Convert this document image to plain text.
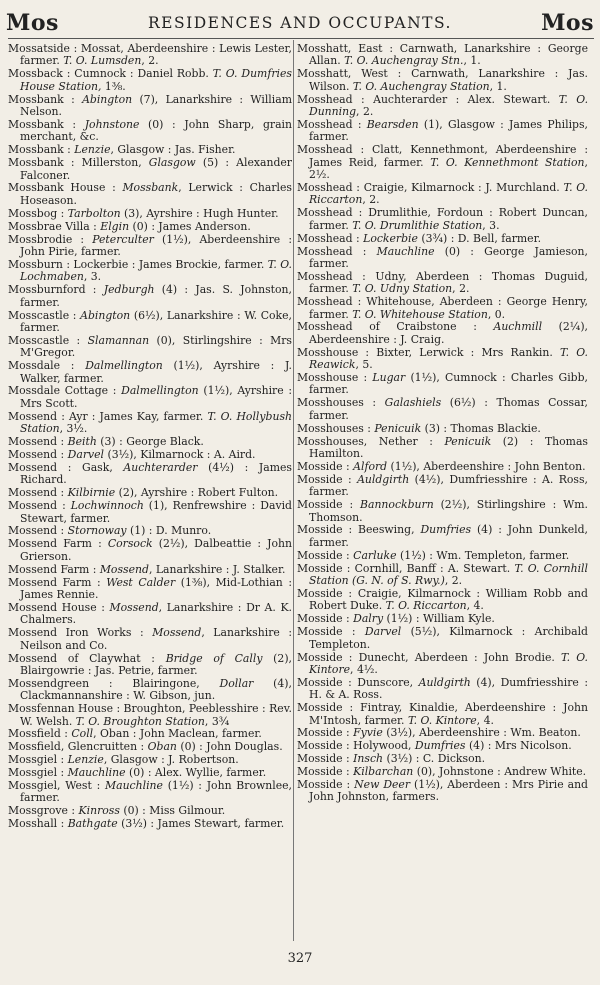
Mos	RESIDENCES AND OCCUPANTS.	Mos
Mossatside : Mossat, Aberdeenshire : Lewis Lester, farmer. T. O. Lumsden, 2.
Mossback : Cumnock : Daniel Robb. T. O. Dumfries House Station, 1⅜.
Mossbank : Abington (7), Lanarkshire : William Nelson.
Mossbank : Johnstone (0) : John Sharp, grain merchant, &c.
Mossbank : Lenzie, Glasgow : Jas. Fisher.
Mossbank : Millerston, Glasgow (5) : Alexander Falconer.
Mossbank House : Mossbank, Lerwick : Charles Hoseason.
Mossbog : Tarbolton (3), Ayrshire : Hugh Hunter.
Mossbrae Villa : Elgin (0) : James Anderson.
Mossbrodie : Peterculter (1½), Aberdeenshire : John Pirie, farmer.
Mossburn : Lockerbie : James Brockie, farmer. T. O. Lochmaben, 3.
Mossburnford : Jedburgh (4) : Jas. S. Johnston, farmer.
Mosscastle : Abington (6½), Lanarkshire : W. Coke, farmer.
Mosscastle : Slamannan (0), Stirlingshire : Mrs M'Gregor.
Mossdale : Dalmellington (1½), Ayrshire : J. Walker, farmer.
Mossdale Cottage : Dalmellington (1½), Ayrshire : Mrs Scott.
Mossend : Ayr : James Kay, farmer. T. O. Hollybush Station, 3½.
Mossend : Beith (3) : George Black.
Mossend : Darvel (3½), Kilmarnock : A. Aird.
Mossend : Gask, Auchterarder (4½) : James Richard.
Mossend : Kilbirnie (2), Ayrshire : Robert Fulton.
Mossend : Lochwinnoch (1), Renfrewshire : David Stewart, farmer.
Mossend : Stornoway (1) : D. Munro.
Mossend Farm : Corsock (2½), Dalbeattie : John Grierson.
Mossend Farm : Mossend, Lanarkshire : J. Stalker.
Mossend Farm : West Calder (1⅜), Mid-Lothian : James Rennie.
Mossend House : Mossend, Lanarkshire : Dr A. K. Chalmers.
Mossend Iron Works : Mossend, Lanarkshire : Neilson and Co.
Mossend of Claywhat : Bridge of Cally (2), Blairgowrie : Jas. Petrie, farmer.
Mossendgreen : Blairingone, Dollar (4), Clackmannanshire : W. Gibson, jun.
Mossfennan House : Broughton, Peeblesshire : Rev. W. Welsh. T. O. Broughton Station, 3¾
Mossfield : Coll, Oban : John Maclean, farmer.
Mossfield, Glencruitten : Oban (0) : John Douglas.
Mossgiel : Lenzie, Glasgow : J. Robertson.
Mossgiel : Mauchline (0) : Alex. Wyllie, farmer.
Mossgiel, West : Mauchline (1½) : John Brownlee, farmer.
Mossgrove : Kinross (0) : Miss Gilmour.
Mosshall : Bathgate (3½) : James Stewart, farmer.
Mosshatt, East : Carnwath, Lanarkshire : George Allan. T. O. Auchengray Stn., 1.
Mosshatt, West : Carnwath, Lanarkshire : Jas. Wilson. T. O. Auchengray Station, 1.
Mosshead : Auchterarder : Alex. Stewart. T. O. Dunning, 2.
Mosshead : Bearsden (1), Glasgow : James Philips, farmer.
Mosshead : Clatt, Kennethmont, Aberdeenshire : James Reid, farmer. T. O. Kennethmont Station, 2½.
Mosshead : Craigie, Kilmarnock : J. Murchland. T. O. Riccarton, 2.
Mosshead : Drumlithie, Fordoun : Robert Duncan, farmer. T. O. Drumlithie Station, 3.
Mosshead : Lockerbie (3¾) : D. Bell, farmer.
Mosshead : Mauchline (0) : George Jamieson, farmer.
Mosshead : Udny, Aberdeen : Thomas Duguid, farmer. T. O. Udny Station, 2.
Mosshead : Whitehouse, Aberdeen : George Henry, farmer. T. O. Whitehouse Station, 0.
Mosshead of Craibstone : Auchmill (2¼), Aberdeenshire : J. Craig.
Mosshouse : Bixter, Lerwick : Mrs Rankin. T. O. Reawick, 5.
Mosshouse : Lugar (1½), Cumnock : Charles Gibb, farmer.
Mosshouses : Galashiels (6½) : Thomas Cossar, farmer.
Mosshouses : Penicuik (3) : Thomas Blackie.
Mosshouses, Nether : Penicuik (2) : Thomas Hamilton.
Mosside : Alford (1½), Aberdeenshire : John Benton.
Mosside : Auldgirth (4½), Dumfriesshire : A. Ross, farmer.
Mosside : Bannockburn (2½), Stirlingshire : Wm. Thomson.
Mosside : Beeswing, Dumfries (4) : John Dunkeld, farmer.
Mosside : Carluke (1½) : Wm. Templeton, farmer.
Mosside : Cornhill, Banff : A. Stewart. T. O. Cornhill Station (G. N. of S. Rwy.), 2.
Mosside : Craigie, Kilmarnock : William Robb and Robert Duke. T. O. Riccarton, 4.
Mosside : Dalry (1½) : William Kyle.
Mosside : Darvel (5½), Kilmarnock : Archibald Templeton.
Mosside : Dunecht, Aberdeen : John Brodie. T. O. Kintore, 4½.
Mosside : Dunscore, Auldgirth (4), Dumfriesshire : H. & A. Ross.
Mosside : Fintray, Kinaldie, Aberdeenshire : John M'Intosh, farmer. T. O. Kintore, 4.
Mosside : Fyvie (3½), Aberdeenshire : Wm. Beaton.
Mosside : Holywood, Dumfries (4) : Mrs Nicolson.
Mosside : Insch (3½) : C. Dickson.
Mosside : Kilbarchan (0), Johnstone : Andrew White.
Mosside : New Deer (1½), Aberdeen : Mrs Pirie and John Johnston, farmers.
327
